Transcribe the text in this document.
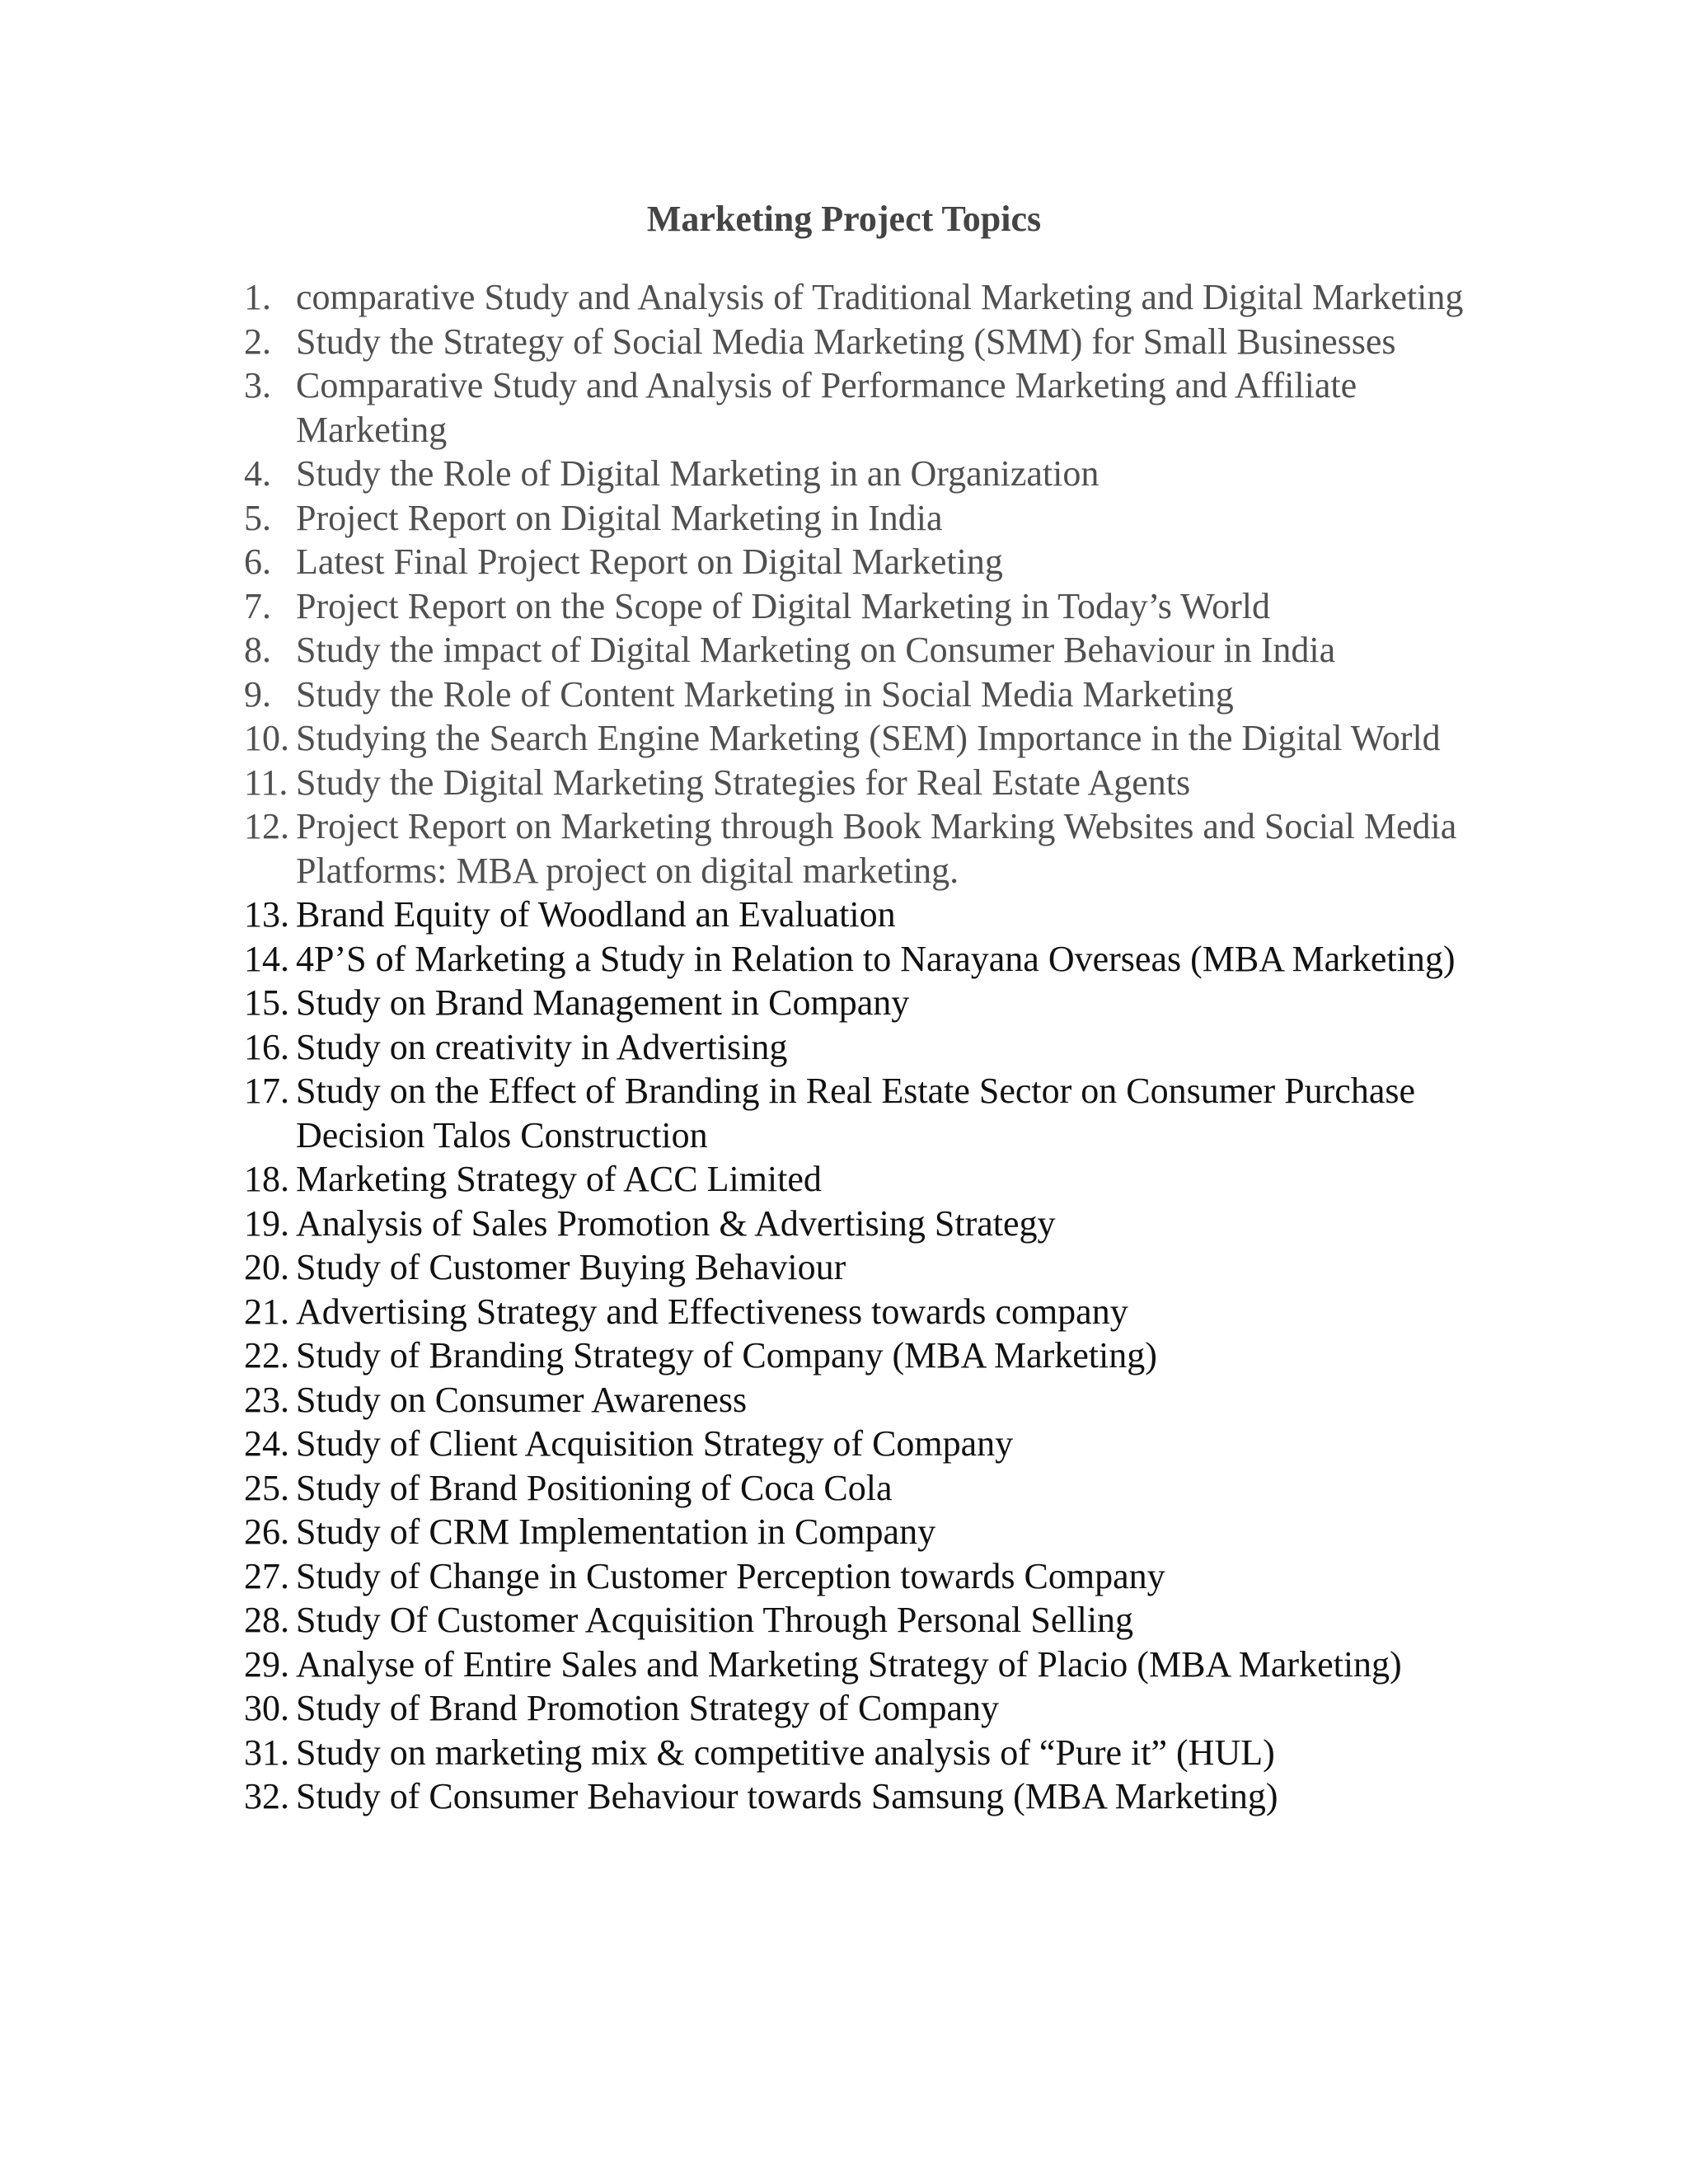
Marketing Project Topics
1. comparative Study and Analysis of Traditional Marketing and Digital Marketing
2. Study the Strategy of Social Media Marketing (SMM) for Small Businesses
3. Comparative Study and Analysis of Performance Marketing and Affiliate Marketing
4. Study the Role of Digital Marketing in an Organization
5. Project Report on Digital Marketing in India
6. Latest Final Project Report on Digital Marketing
7. Project Report on the Scope of Digital Marketing in Today’s World
8. Study the impact of Digital Marketing on Consumer Behaviour in India
9. Study the Role of Content Marketing in Social Media Marketing
10. Studying the Search Engine Marketing (SEM) Importance in the Digital World
11. Study the Digital Marketing Strategies for Real Estate Agents
12. Project Report on Marketing through Book Marking Websites and Social Media Platforms: MBA project on digital marketing.
13. Brand Equity of Woodland an Evaluation
14. 4P’S of Marketing a Study in Relation to Narayana Overseas (MBA Marketing)
15. Study on Brand Management in Company
16. Study on creativity in Advertising
17. Study on the Effect of Branding in Real Estate Sector on Consumer Purchase Decision Talos Construction
18. Marketing Strategy of ACC Limited
19. Analysis of Sales Promotion & Advertising Strategy
20. Study of Customer Buying Behaviour
21. Advertising Strategy and Effectiveness towards company
22. Study of Branding Strategy of Company (MBA Marketing)
23. Study on Consumer Awareness
24. Study of Client Acquisition Strategy of Company
25. Study of Brand Positioning of Coca Cola
26. Study of CRM Implementation in Company
27. Study of Change in Customer Perception towards Company
28. Study Of Customer Acquisition Through Personal Selling
29. Analyse of Entire Sales and Marketing Strategy of Placio (MBA Marketing)
30. Study of Brand Promotion Strategy of Company
31. Study on marketing mix & competitive analysis of “Pure it” (HUL)
32. Study of Consumer Behaviour towards Samsung (MBA Marketing)
